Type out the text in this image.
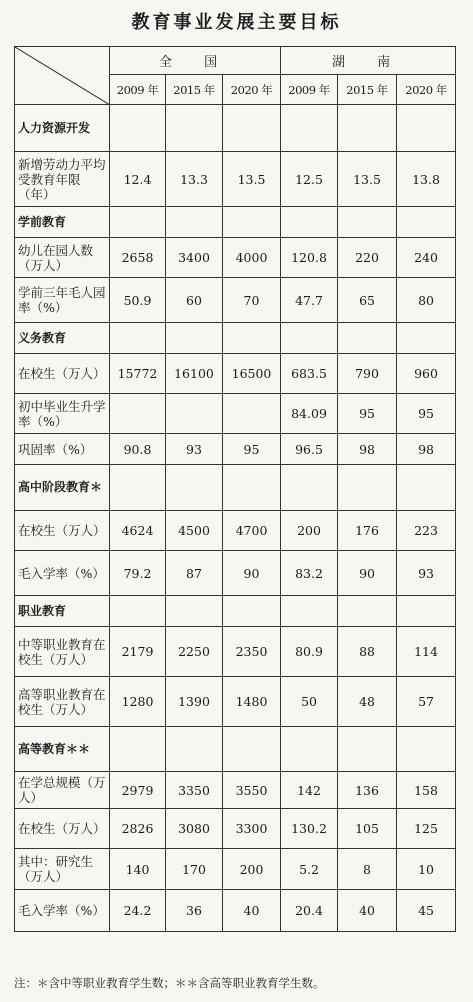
教育事业发展主要目标
	全 国			湖 南		
	2009 年	2015 年	2020 年	2009 年	2015 年	2020 年
人力资源开发						
新增劳动力平均受教育年限（年）	12.4	13.3	13.5	12.5	13.5	13.8
学前教育						
幼儿在园人数（万人）	2658	3400	4000	120.8	220	240
学前三年毛人园率（%）	50.9	60	70	47.7	65	80
义务教育						
在校生（万人）	15772	16100	16500	683.5	790	960
初中毕业生升学率（%）				84.09	95	95
巩固率（%）	90.8	93	95	96.5	98	98
高中阶段教育＊						
在校生（万人）	4624	4500	4700	200	176	223
毛入学率（%）	79.2	87	90	83.2	90	93
职业教育						
中等职业教育在校生（万人）	2179	2250	2350	80.9	88	114
高等职业教育在校生（万人）	1280	1390	1480	50	48	57
高等教育＊＊						
在学总规模（万人）	2979	3350	3550	142	136	158
在校生（万人）	2826	3080	3300	130.2	105	125
其中：研究生（万人）	140	170	200	5.2	8	10
毛入学率（%）	24.2	36	40	20.4	40	45
注：＊含中等职业教育学生数；＊＊含高等职业教育学生数。
